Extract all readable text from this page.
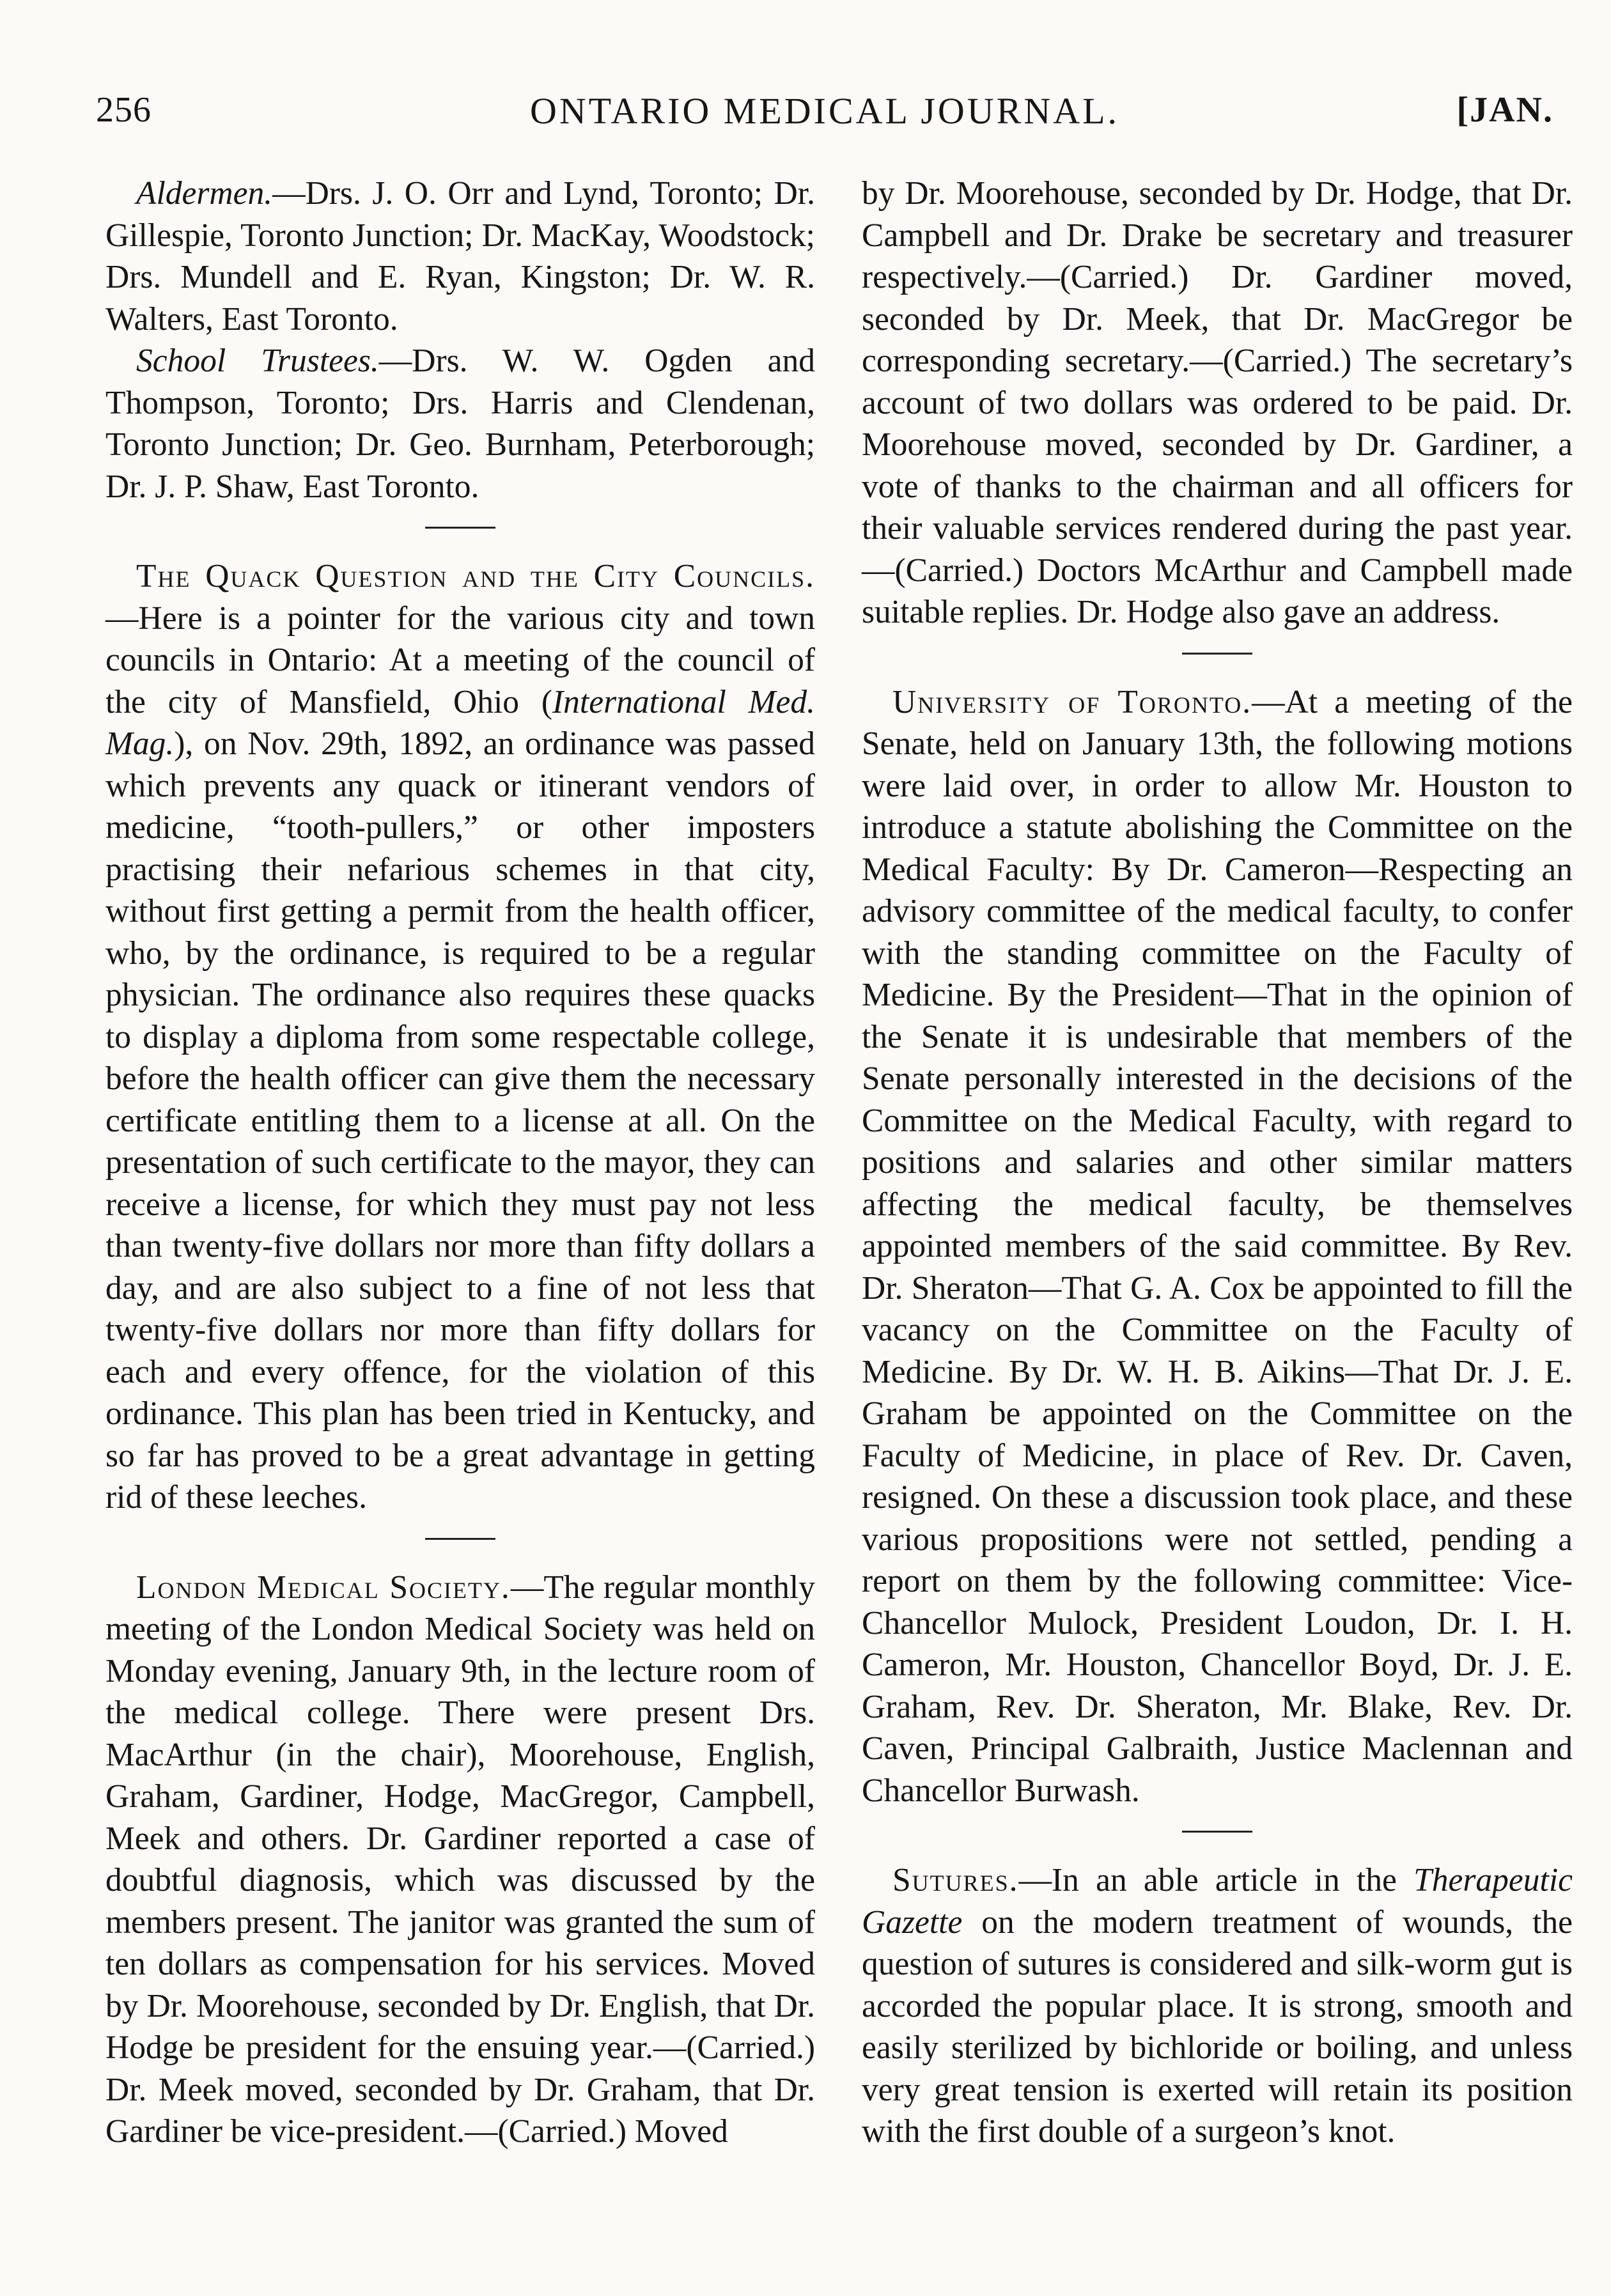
256	ONTARIO MEDICAL JOURNAL.	[JAN.

Aldermen.—Drs. J. O. Orr and Lynd, Toronto; Dr. Gillespie, Toronto Junction; Dr. MacKay, Woodstock; Drs. Mundell and E. Ryan, Kingston; Dr. W. R. Walters, East Toronto.

School Trustees.—Drs. W. W. Ogden and Thompson, Toronto; Drs. Harris and Clendenan, Toronto Junction; Dr. Geo. Burnham, Peterborough; Dr. J. P. Shaw, East Toronto.

The Quack Question and the City Councils.—Here is a pointer for the various city and town councils in Ontario: At a meeting of the council of the city of Mansfield, Ohio (International Med. Mag.), on Nov. 29th, 1892, an ordinance was passed which prevents any quack or itinerant vendors of medicine, “tooth-pullers,” or other imposters practising their nefarious schemes in that city, without first getting a permit from the health officer, who, by the ordinance, is required to be a regular physician. The ordinance also requires these quacks to display a diploma from some respectable college, before the health officer can give them the necessary certificate entitling them to a license at all. On the presentation of such certificate to the mayor, they can receive a license, for which they must pay not less than twenty-five dollars nor more than fifty dollars a day, and are also subject to a fine of not less that twenty-five dollars nor more than fifty dollars for each and every offence, for the violation of this ordinance. This plan has been tried in Kentucky, and so far has proved to be a great advantage in getting rid of these leeches.

London Medical Society.—The regular monthly meeting of the London Medical Society was held on Monday evening, January 9th, in the lecture room of the medical college. There were present Drs. MacArthur (in the chair), Moorehouse, English, Graham, Gardiner, Hodge, MacGregor, Campbell, Meek and others. Dr. Gardiner reported a case of doubtful diagnosis, which was discussed by the members present. The janitor was granted the sum of ten dollars as compensation for his services. Moved by Dr. Moorehouse, seconded by Dr. English, that Dr. Hodge be president for the ensuing year.—(Carried.) Dr. Meek moved, seconded by Dr. Graham, that Dr. Gardiner be vice-president.—(Carried.) Moved

by Dr. Moorehouse, seconded by Dr. Hodge, that Dr. Campbell and Dr. Drake be secretary and treasurer respectively.—(Carried.) Dr. Gardiner moved, seconded by Dr. Meek, that Dr. MacGregor be corresponding secretary.—(Carried.) The secretary’s account of two dollars was ordered to be paid. Dr. Moorehouse moved, seconded by Dr. Gardiner, a vote of thanks to the chairman and all officers for their valuable services rendered during the past year.—(Carried.) Doctors McArthur and Campbell made suitable replies. Dr. Hodge also gave an address.

University of Toronto.—At a meeting of the Senate, held on January 13th, the following motions were laid over, in order to allow Mr. Houston to introduce a statute abolishing the Committee on the Medical Faculty: By Dr. Cameron—Respecting an advisory committee of the medical faculty, to confer with the standing committee on the Faculty of Medicine. By the President—That in the opinion of the Senate it is undesirable that members of the Senate personally interested in the decisions of the Committee on the Medical Faculty, with regard to positions and salaries and other similar matters affecting the medical faculty, be themselves appointed members of the said committee. By Rev. Dr. Sheraton—That G. A. Cox be appointed to fill the vacancy on the Committee on the Faculty of Medicine. By Dr. W. H. B. Aikins—That Dr. J. E. Graham be appointed on the Committee on the Faculty of Medicine, in place of Rev. Dr. Caven, resigned. On these a discussion took place, and these various propositions were not settled, pending a report on them by the following committee: Vice-Chancellor Mulock, President Loudon, Dr. I. H. Cameron, Mr. Houston, Chancellor Boyd, Dr. J. E. Graham, Rev. Dr. Sheraton, Mr. Blake, Rev. Dr. Caven, Principal Galbraith, Justice Maclennan and Chancellor Burwash.

Sutures.—In an able article in the Therapeutic Gazette on the modern treatment of wounds, the question of sutures is considered and silk-worm gut is accorded the popular place. It is strong, smooth and easily sterilized by bichloride or boiling, and unless very great tension is exerted will retain its position with the first double of a surgeon’s knot.
